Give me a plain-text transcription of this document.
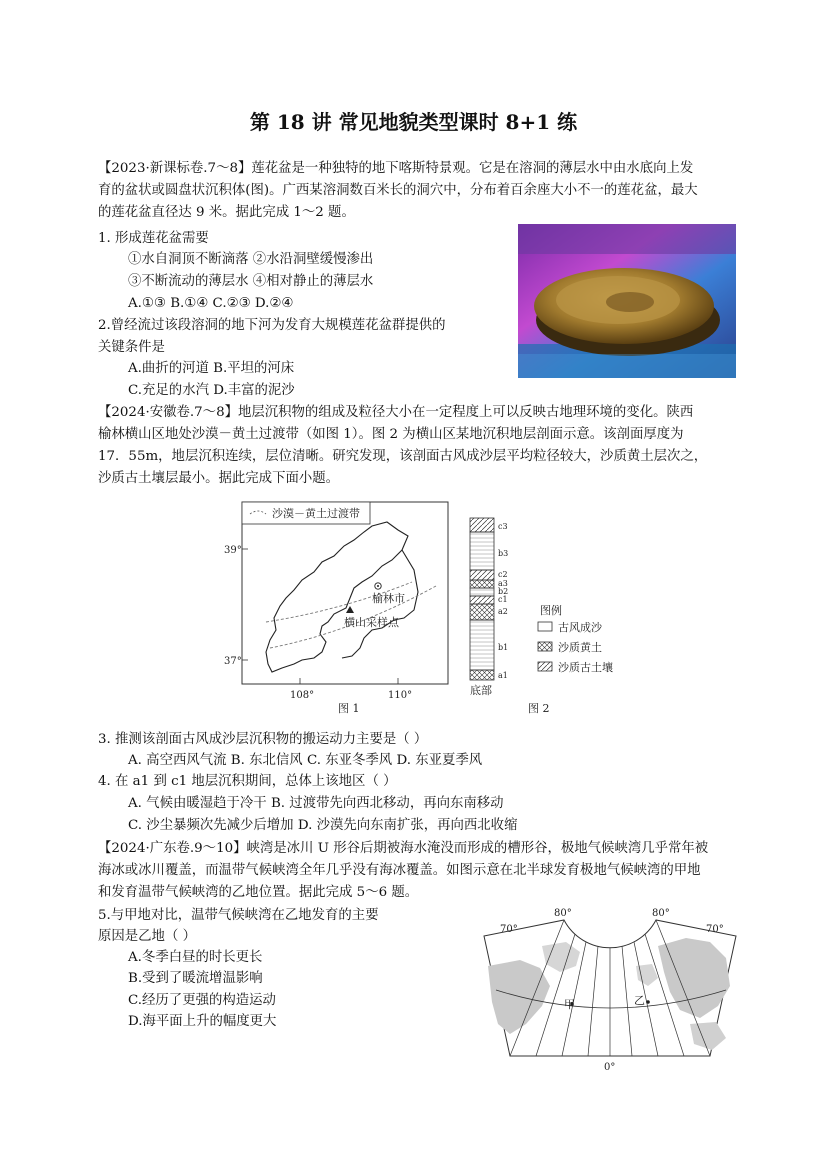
第 18 讲 常见地貌类型课时 8+1 练
【2023·新课标卷.7～8】莲花盆是一种独特的地下喀斯特景观。它是在溶洞的薄层水中由水底向上发
育的盆状或圆盘状沉积体(图)。广西某溶洞数百米长的洞穴中，分布着百余座大小不一的莲花盆，最大
的莲花盆直径达 9 米。据此完成 1～2 题。
1. 形成莲花盆需要
①水自洞顶不断滴落 ②水沿洞壁缓慢渗出
③不断流动的薄层水 ④相对静止的薄层水
A.①③ B.①④ C.②③ D.②④
2.曾经流过该段溶洞的地下河为发育大规模莲花盆群提供的
关键条件是
A.曲折的河道 B.平坦的河床
C.充足的水汽 D.丰富的泥沙
【2024·安徽卷.7～8】地层沉积物的组成及粒径大小在一定程度上可以反映古地理环境的变化。陕西
榆林横山区地处沙漠－黄土过渡带（如图 1）。图 2 为横山区某地沉积地层剖面示意。该剖面厚度为
17．55m，地层沉积连续，层位清晰。研究发现，该剖面古风成沙层平均粒径较大，沙质黄土层次之，
沙质古土壤层最小。据此完成下面小题。
沙漠－黄土过渡带
39°
37°
108°	110°
榆林市
横山采样点
图 1
c3
b3
c2
a3
b2
c1
a2
b1
a1
底部
图例
古风成沙
沙质黄土
沙质古土壤
图 2
3. 推测该剖面古风成沙层沉积物的搬运动力主要是（ ）
A. 高空西风气流 B. 东北信风 C. 东亚冬季风 D. 东亚夏季风
4. 在 a1 到 c1 地层沉积期间，总体上该地区（ ）
A. 气候由暖湿趋于冷干 B. 过渡带先向西北移动，再向东南移动
C. 沙尘暴频次先减少后增加 D. 沙漠先向东南扩张，再向西北收缩
【2024·广东卷.9～10】峡湾是冰川 U 形谷后期被海水淹没而形成的槽形谷，极地气候峡湾几乎常年被
海冰或冰川覆盖，而温带气候峡湾全年几乎没有海冰覆盖。如图示意在北半球发育极地气候峡湾的甲地
和发育温带气候峡湾的乙地位置。据此完成 5～6 题。
5.与甲地对比，温带气候峡湾在乙地发育的主要
原因是乙地（ ）
A.冬季白昼的时长更长
B.受到了暖流增温影响
C.经历了更强的构造运动
D.海平面上升的幅度更大
70°	70°
80°	80°
0°
甲	乙
